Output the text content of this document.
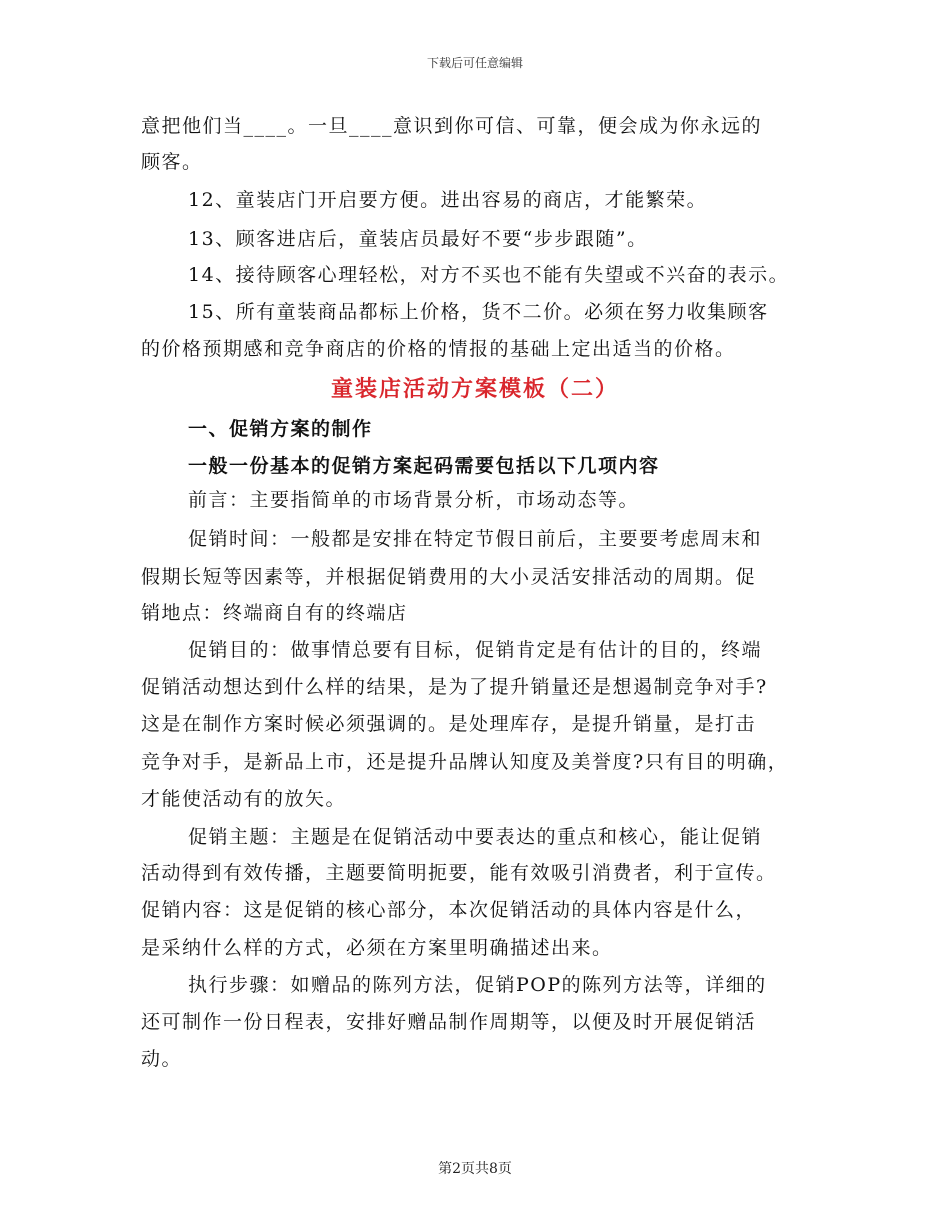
下载后可任意编辑
意把他们当____。一旦____意识到你可信、可靠，便会成为你永远的
顾客。
12、童装店门开启要方便。进出容易的商店，才能繁荣。
13、顾客进店后，童装店员最好不要“步步跟随”。
14、接待顾客心理轻松，对方不买也不能有失望或不兴奋的表示。
15、所有童装商品都标上价格，货不二价。必须在努力收集顾客
的价格预期感和竞争商店的价格的情报的基础上定出适当的价格。
童装店活动方案模板（二）
一、促销方案的制作
一般一份基本的促销方案起码需要包括以下几项内容
前言：主要指简单的市场背景分析，市场动态等。
促销时间：一般都是安排在特定节假日前后，主要要考虑周末和
假期长短等因素等，并根据促销费用的大小灵活安排活动的周期。促
销地点：终端商自有的终端店
促销目的：做事情总要有目标，促销肯定是有估计的目的，终端
促销活动想达到什么样的结果，是为了提升销量还是想遏制竞争对手?
这是在制作方案时候必须强调的。是处理库存，是提升销量，是打击
竞争对手，是新品上市，还是提升品牌认知度及美誉度?只有目的明确，
才能使活动有的放矢。
促销主题：主题是在促销活动中要表达的重点和核心，能让促销
活动得到有效传播，主题要简明扼要，能有效吸引消费者，利于宣传。
促销内容：这是促销的核心部分，本次促销活动的具体内容是什么，
是采纳什么样的方式，必须在方案里明确描述出来。
执行步骤：如赠品的陈列方法，促销POP的陈列方法等，详细的
还可制作一份日程表，安排好赠品制作周期等，以便及时开展促销活
动。
第2页共8页
